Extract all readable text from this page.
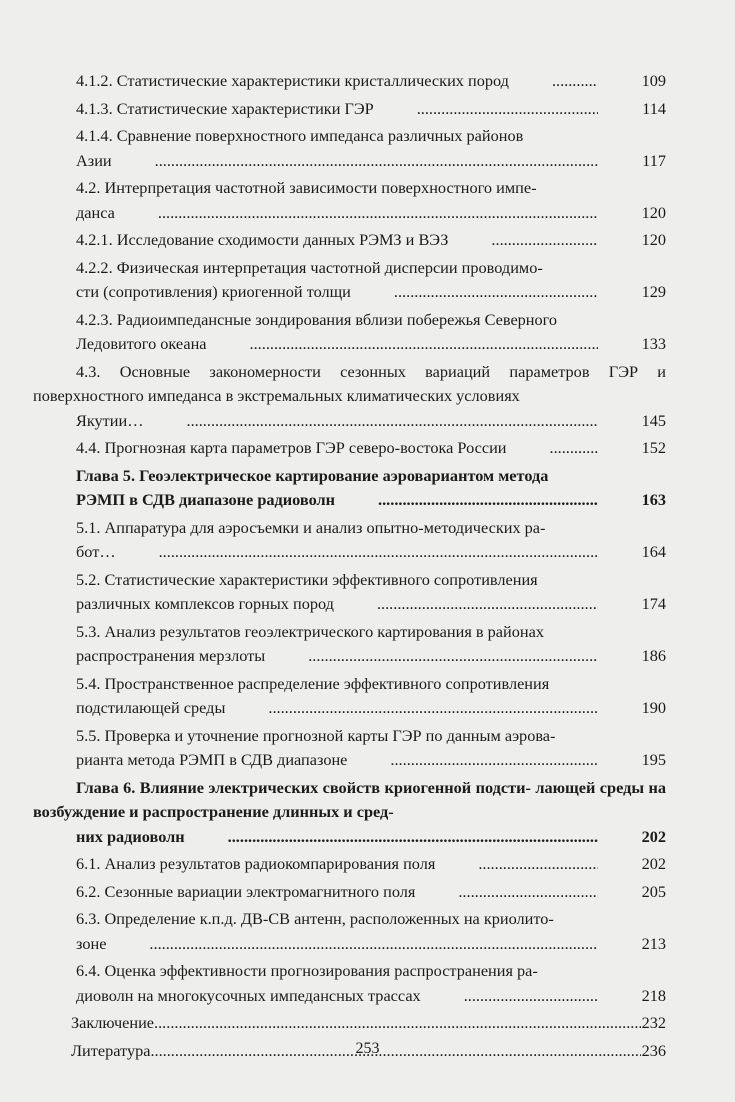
4.1.2. Статистические характеристики кристаллических пород .....	109
4.1.3. Статистические характеристики ГЭР .....	114
4.1.4. Сравнение поверхностного импеданса различных районов
Азии .....	117
4.2. Интерпретация частотной зависимости поверхностного импе-
данса .....	120
4.2.1. Исследование сходимости данных РЭМЗ и ВЭЗ .....	120
4.2.2. Физическая интерпретация частотной дисперсии проводимо-
сти (сопротивления) криогенной толщи .....	129
4.2.3. Радиоимпедансные зондирования вблизи побережья Северного
Ледовитого океана .....	133
4.3. Основные закономерности сезонных вариаций параметров ГЭР и поверхностного импеданса в экстремальных климатических условиях
Якутии… .....	145
4.4. Прогнозная карта параметров ГЭР северо-востока России .....	152
Глава 5. Геоэлектрическое картирование аэровариантом метода
РЭМП в СДВ диапазоне радиоволн .....	163
5.1. Аппаратура для аэросъемки и анализ опытно-методических ра-
бот… .....	164
5.2. Статистические характеристики эффективного сопротивления
различных комплексов горных пород .....	174
5.3. Анализ результатов геоэлектрического картирования в районах
распространения мерзлоты .....	186
5.4. Пространственное распределение эффективного сопротивления
подстилающей среды .....	190
5.5. Проверка и уточнение прогнозной карты ГЭР по данным аэрова-
рианта метода РЭМП в СДВ диапазоне .....	195
Глава 6. Влияние электрических свойств криогенной подсти- лающей среды на возбуждение и распространение длинных и сред-
них радиоволн .....	202
6.1. Анализ результатов радиокомпарирования поля .....	202
6.2. Сезонные вариации электромагнитного поля .....	205
6.3. Определение к.п.д. ДВ-СВ антенн, расположенных на криолито-
зоне .....	213
6.4. Оценка эффективности прогнозирования распространения ра-
диоволн на многокусочных импедансных трассах .....	218
Заключение .....	232
Литература .....	236
253
